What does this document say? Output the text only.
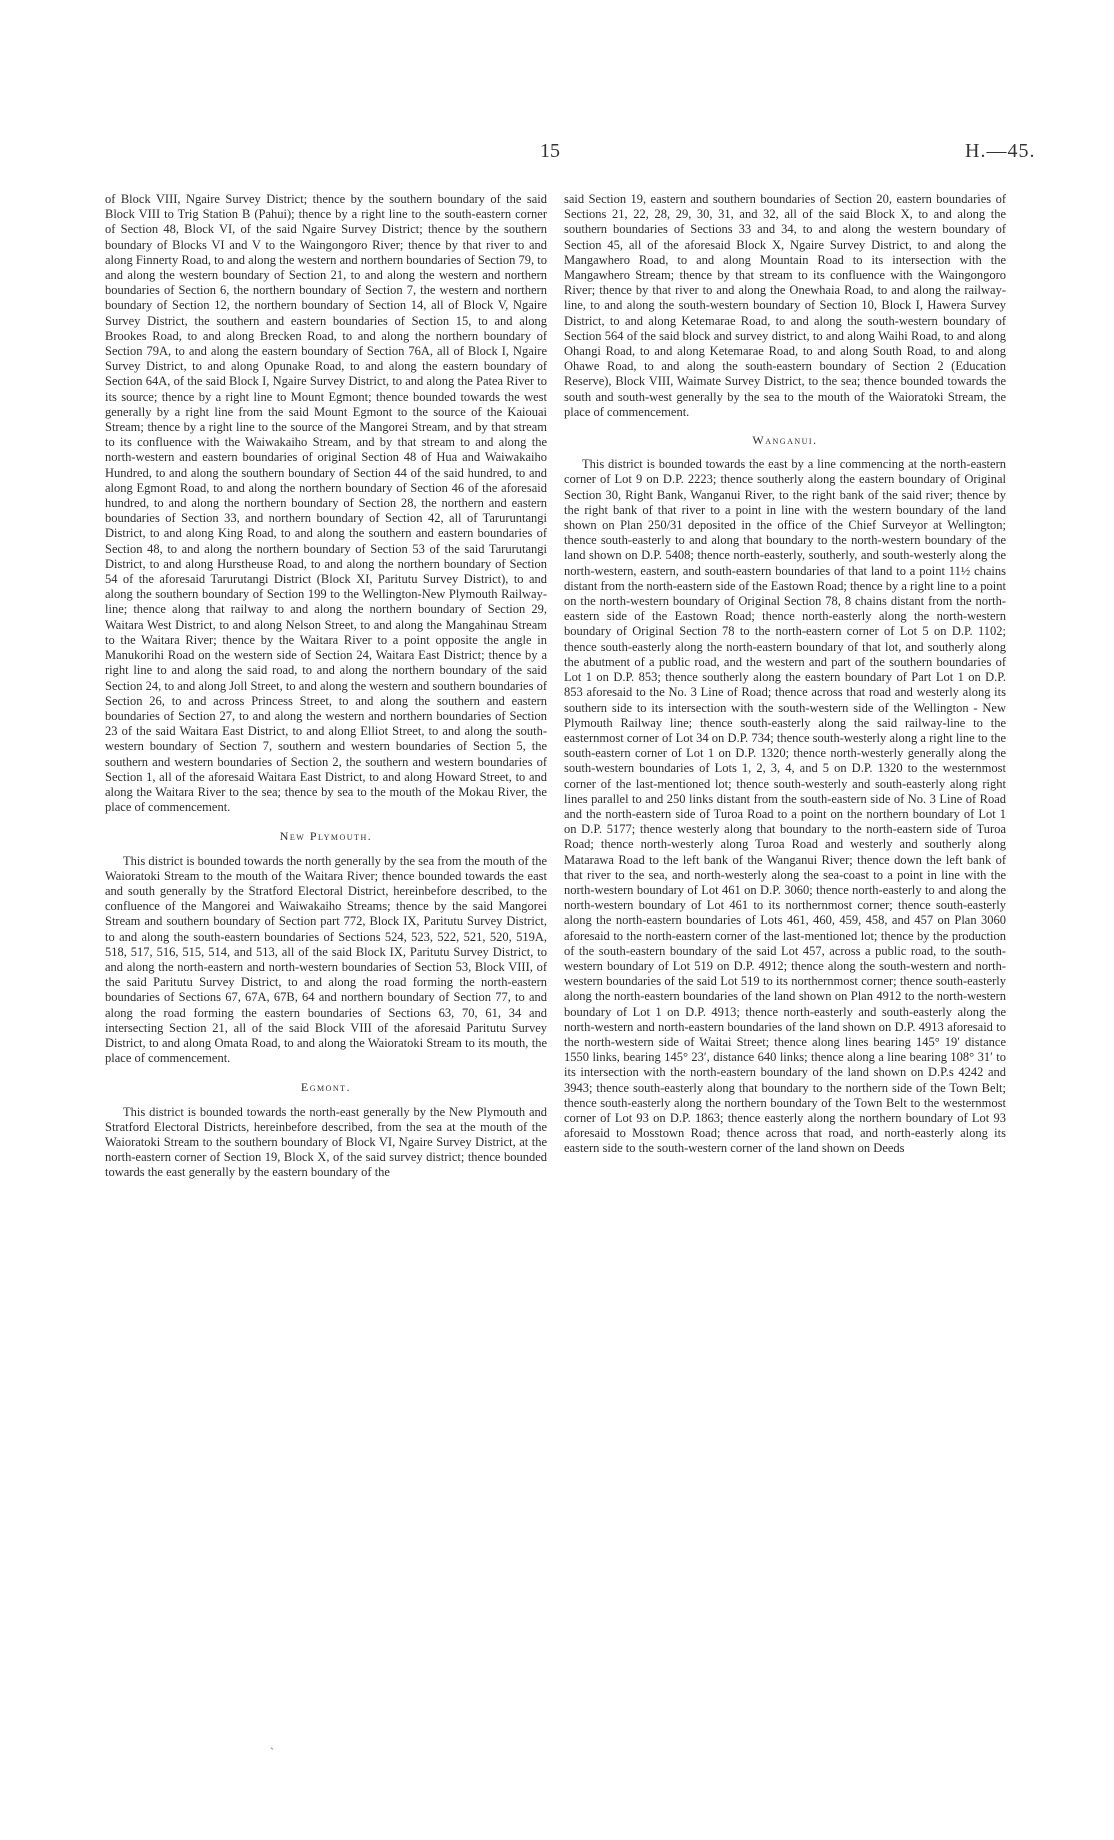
15	H.—45.

of Block VIII, Ngaire Survey District; thence by the southern boundary of the said Block VIII to Trig Station B (Pahui); thence by a right line to the south-eastern corner of Section 48, Block VI, of the said Ngaire Survey District; thence by the southern boundary of Blocks VI and V to the Waingongoro River; thence by that river to and along Finnerty Road, to and along the western and northern boundaries of Section 79, to and along the western boundary of Section 21, to and along the western and northern boundaries of Section 6, the northern boundary of Section 7, the western and northern boundary of Section 12, the northern boundary of Section 14, all of Block V, Ngaire Survey District, the southern and eastern boundaries of Section 15, to and along Brookes Road, to and along Brecken Road, to and along the northern boundary of Section 79A, to and along the eastern boundary of Section 76A, all of Block I, Ngaire Survey District, to and along Opunake Road, to and along the eastern boundary of Section 64A, of the said Block I, Ngaire Survey District, to and along the Patea River to its source; thence by a right line to Mount Egmont; thence bounded towards the west generally by a right line from the said Mount Egmont to the source of the Kaiouai Stream; thence by a right line to the source of the Mangorei Stream, and by that stream to its confluence with the Waiwakaiho Stream, and by that stream to and along the north-western and eastern boundaries of original Section 48 of Hua and Waiwakaiho Hundred, to and along the southern boundary of Section 44 of the said hundred, to and along Egmont Road, to and along the northern boundary of Section 46 of the aforesaid hundred, to and along the northern boundary of Section 28, the northern and eastern boundaries of Section 33, and northern boundary of Section 42, all of Taruruntangi District, to and along King Road, to and along the southern and eastern boundaries of Section 48, to and along the northern boundary of Section 53 of the said Tarurutangi District, to and along Hurstheuse Road, to and along the northern boundary of Section 54 of the aforesaid Tarurutangi District (Block XI, Paritutu Survey District), to and along the southern boundary of Section 199 to the Wellington-New Plymouth Railway-line; thence along that railway to and along the northern boundary of Section 29, Waitara West District, to and along Nelson Street, to and along the Mangahinau Stream to the Waitara River; thence by the Waitara River to a point opposite the angle in Manukorihi Road on the western side of Section 24, Waitara East District; thence by a right line to and along the said road, to and along the northern boundary of the said Section 24, to and along Joll Street, to and along the western and southern boundaries of Section 26, to and across Princess Street, to and along the southern and eastern boundaries of Section 27, to and along the western and northern boundaries of Section 23 of the said Waitara East District, to and along Elliot Street, to and along the south-western boundary of Section 7, southern and western boundaries of Section 5, the southern and western boundaries of Section 2, the southern and western boundaries of Section 1, all of the aforesaid Waitara East District, to and along Howard Street, to and along the Waitara River to the sea; thence by sea to the mouth of the Mokau River, the place of commencement.

New Plymouth.

This district is bounded towards the north generally by the sea from the mouth of the Waioratoki Stream to the mouth of the Waitara River; thence bounded towards the east and south generally by the Stratford Electoral District, hereinbefore described, to the confluence of the Mangorei and Waiwakaiho Streams; thence by the said Mangorei Stream and southern boundary of Section part 772, Block IX, Paritutu Survey District, to and along the south-eastern boundaries of Sections 524, 523, 522, 521, 520, 519A, 518, 517, 516, 515, 514, and 513, all of the said Block IX, Paritutu Survey District, to and along the north-eastern and north-western boundaries of Section 53, Block VIII, of the said Paritutu Survey District, to and along the road forming the north-eastern boundaries of Sections 67, 67A, 67B, 64 and northern boundary of Section 77, to and along the road forming the eastern boundaries of Sections 63, 70, 61, 34 and intersecting Section 21, all of the said Block VIII of the aforesaid Paritutu Survey District, to and along Omata Road, to and along the Waioratoki Stream to its mouth, the place of commencement.

Egmont.

This district is bounded towards the north-east generally by the New Plymouth and Stratford Electoral Districts, hereinbefore described, from the sea at the mouth of the Waioratoki Stream to the southern boundary of Block VI, Ngaire Survey District, at the north-eastern corner of Section 19, Block X, of the said survey district; thence bounded towards the east generally by the eastern boundary of the

said Section 19, eastern and southern boundaries of Section 20, eastern boundaries of Sections 21, 22, 28, 29, 30, 31, and 32, all of the said Block X, to and along the southern boundaries of Sections 33 and 34, to and along the western boundary of Section 45, all of the aforesaid Block X, Ngaire Survey District, to and along the Mangawhero Road, to and along Mountain Road to its intersection with the Mangawhero Stream; thence by that stream to its confluence with the Waingongoro River; thence by that river to and along the Onewhaia Road, to and along the railway-line, to and along the south-western boundary of Section 10, Block I, Hawera Survey District, to and along Ketemarae Road, to and along the south-western boundary of Section 564 of the said block and survey district, to and along Waihi Road, to and along Ohangi Road, to and along Ketemarae Road, to and along South Road, to and along Ohawe Road, to and along the south-eastern boundary of Section 2 (Education Reserve), Block VIII, Waimate Survey District, to the sea; thence bounded towards the south and south-west generally by the sea to the mouth of the Waioratoki Stream, the place of commencement.

Wanganui.

This district is bounded towards the east by a line commencing at the north-eastern corner of Lot 9 on D.P. 2223; thence southerly along the eastern boundary of Original Section 30, Right Bank, Wanganui River, to the right bank of the said river; thence by the right bank of that river to a point in line with the western boundary of the land shown on Plan 250/31 deposited in the office of the Chief Surveyor at Wellington; thence south-easterly to and along that boundary to the north-western boundary of the land shown on D.P. 5408; thence north-easterly, southerly, and south-westerly along the north-western, eastern, and south-eastern boundaries of that land to a point 11½ chains distant from the north-eastern side of the Eastown Road; thence by a right line to a point on the north-western boundary of Original Section 78, 8 chains distant from the north-eastern side of the Eastown Road; thence north-easterly along the north-western boundary of Original Section 78 to the north-eastern corner of Lot 5 on D.P. 1102; thence south-easterly along the north-eastern boundary of that lot, and southerly along the abutment of a public road, and the western and part of the southern boundaries of Lot 1 on D.P. 853; thence southerly along the eastern boundary of Part Lot 1 on D.P. 853 aforesaid to the No. 3 Line of Road; thence across that road and westerly along its southern side to its intersection with the south-western side of the Wellington - New Plymouth Railway line; thence south-easterly along the said railway-line to the easternmost corner of Lot 34 on D.P. 734; thence south-westerly along a right line to the south-eastern corner of Lot 1 on D.P. 1320; thence north-westerly generally along the south-western boundaries of Lots 1, 2, 3, 4, and 5 on D.P. 1320 to the westernmost corner of the last-mentioned lot; thence south-westerly and south-easterly along right lines parallel to and 250 links distant from the south-eastern side of No. 3 Line of Road and the north-eastern side of Turoa Road to a point on the northern boundary of Lot 1 on D.P. 5177; thence westerly along that boundary to the north-eastern side of Turoa Road; thence north-westerly along Turoa Road and westerly and southerly along Matarawa Road to the left bank of the Wanganui River; thence down the left bank of that river to the sea, and north-westerly along the sea-coast to a point in line with the north-western boundary of Lot 461 on D.P. 3060; thence north-easterly to and along the north-western boundary of Lot 461 to its northernmost corner; thence south-easterly along the north-eastern boundaries of Lots 461, 460, 459, 458, and 457 on Plan 3060 aforesaid to the north-eastern corner of the last-mentioned lot; thence by the production of the south-eastern boundary of the said Lot 457, across a public road, to the south-western boundary of Lot 519 on D.P. 4912; thence along the south-western and north-western boundaries of the said Lot 519 to its northernmost corner; thence south-easterly along the north-eastern boundaries of the land shown on Plan 4912 to the north-western boundary of Lot 1 on D.P. 4913; thence north-easterly and south-easterly along the north-western and north-eastern boundaries of the land shown on D.P. 4913 aforesaid to the north-western side of Waitai Street; thence along lines bearing 145° 19′ distance 1550 links, bearing 145° 23′, distance 640 links; thence along a line bearing 108° 31′ to its intersection with the north-eastern boundary of the land shown on D.P.s 4242 and 3943; thence south-easterly along that boundary to the northern side of the Town Belt; thence south-easterly along the northern boundary of the Town Belt to the westernmost corner of Lot 93 on D.P. 1863; thence easterly along the northern boundary of Lot 93 aforesaid to Mosstown Road; thence across that road, and north-easterly along its eastern side to the south-western corner of the land shown on Deeds

ˎ
